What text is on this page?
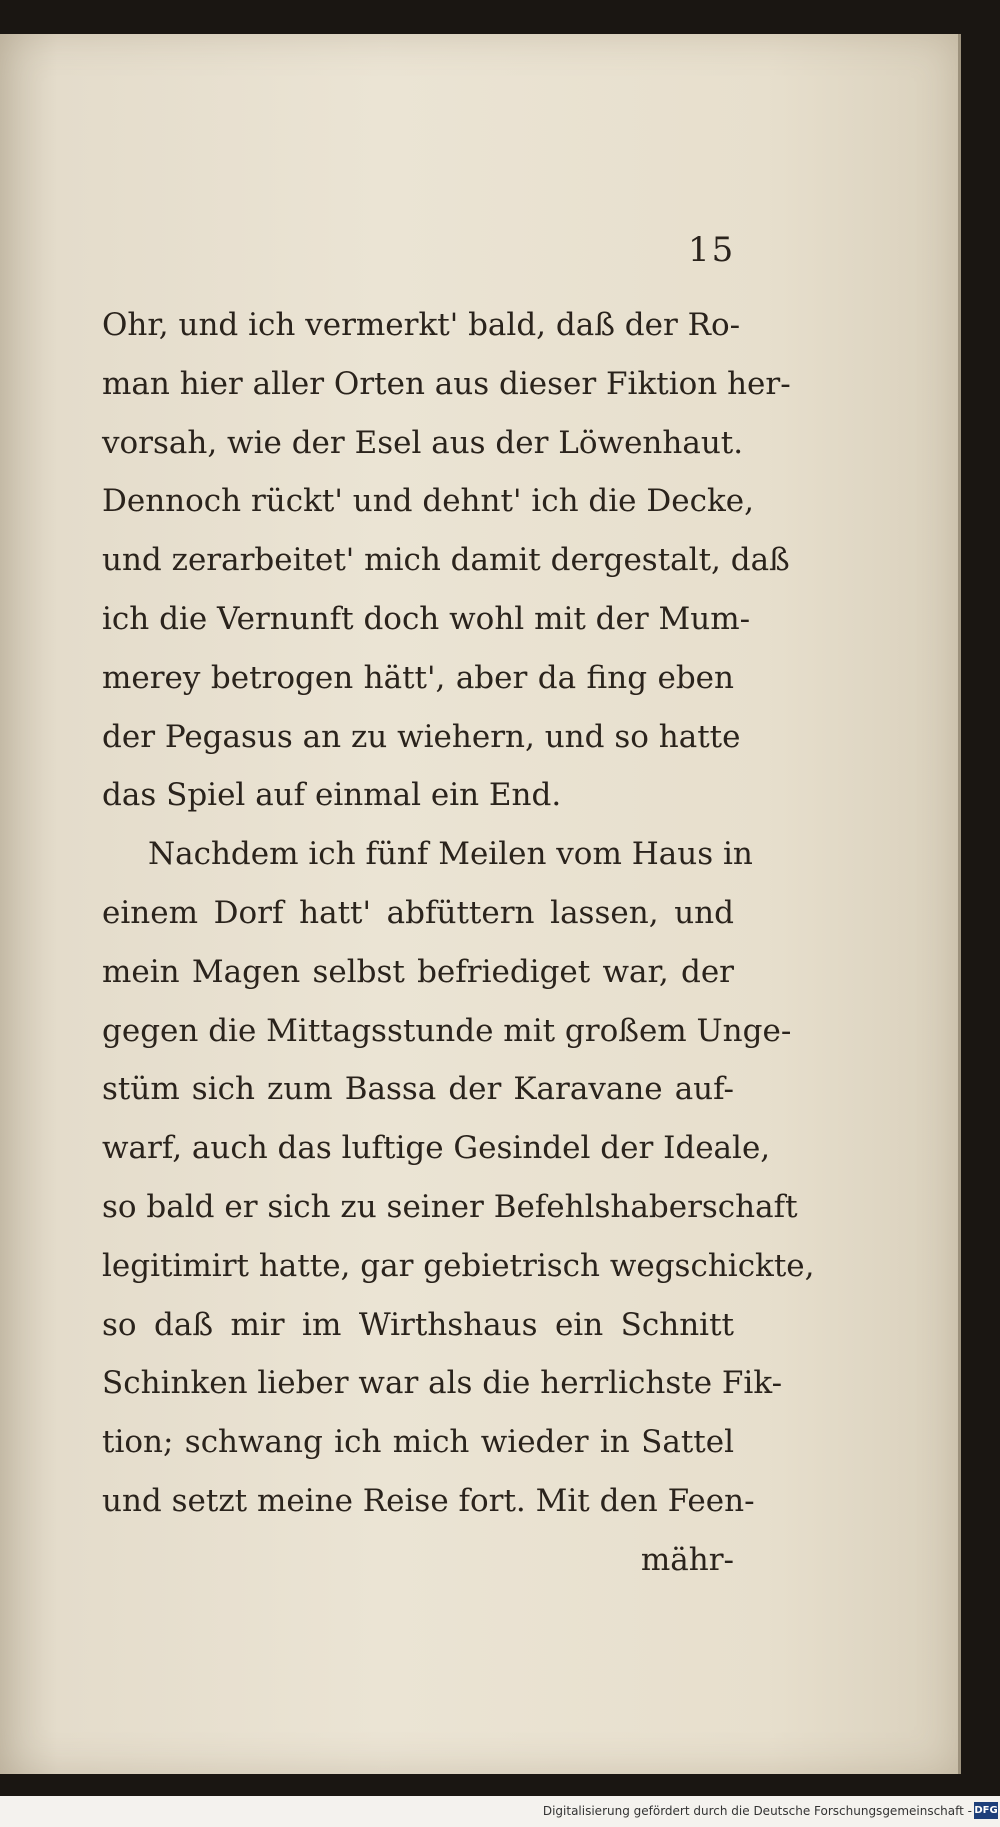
15
Ohr, und ich vermerkt' bald, daß der Ro-
man hier aller Orten aus dieser Fiktion her-
vorsah, wie der Esel aus der Löwenhaut.
Dennoch rückt' und dehnt' ich die Decke,
und zerarbeitet' mich damit dergestalt, daß
ich die Vernunft doch wohl mit der Mum-
merey betrogen hätt', aber da fing eben
der Pegasus an zu wiehern, und so hatte
das Spiel auf einmal ein End.
Nachdem ich fünf Meilen vom Haus in
einem Dorf hatt' abfüttern lassen, und
mein Magen selbst befriediget war, der
gegen die Mittagsstunde mit großem Unge-
stüm sich zum Bassa der Karavane auf-
warf, auch das luftige Gesindel der Ideale,
so bald er sich zu seiner Befehlshaberschaft
legitimirt hatte, gar gebietrisch wegschickte,
so daß mir im Wirthshaus ein Schnitt
Schinken lieber war als die herrlichste Fik-
tion; schwang ich mich wieder in Sattel
und setzt meine Reise fort. Mit den Feen-
mähr-
Digitalisierung gefördert durch die Deutsche Forschungsgemeinschaft - DFG
